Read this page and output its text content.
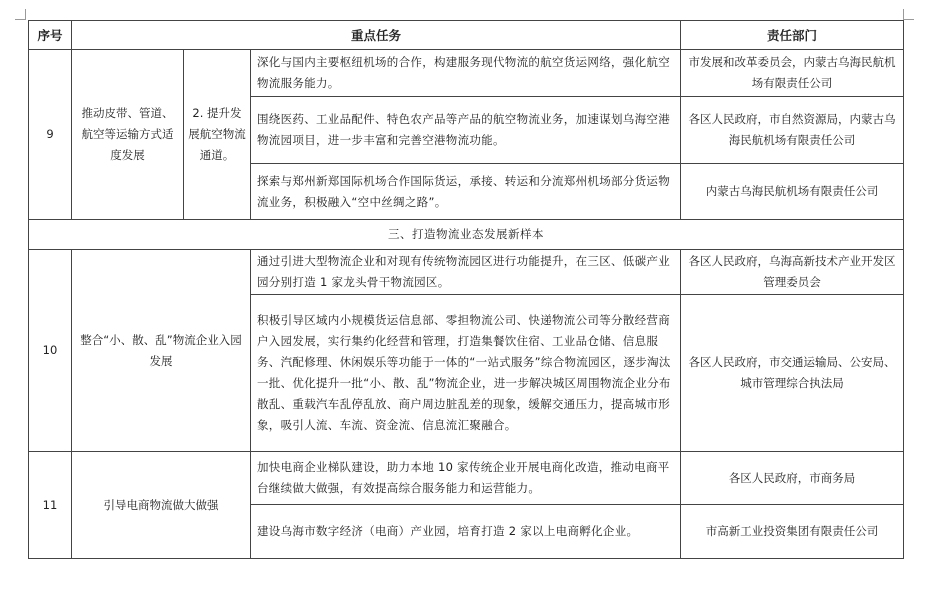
序号	重点任务			责任部门
9	推动皮带、管道、航空等运输方式适度发展	2. 提升发展航空物流通道。	深化与国内主要枢纽机场的合作，构建服务现代物流的航空货运网络，强化航空物流服务能力。	市发展和改革委员会，内蒙古乌海民航机场有限责任公司
			围绕医药、工业品配件、特色农产品等产品的航空物流业务，加速谋划乌海空港物流园项目，进一步丰富和完善空港物流功能。	各区人民政府，市自然资源局，内蒙古乌海民航机场有限责任公司
			探索与郑州新郑国际机场合作国际货运，承接、转运和分流郑州机场部分货运物流业务，积极融入“空中丝绸之路”。	内蒙古乌海民航机场有限责任公司
三、打造物流业态发展新样本				
10	整合“小、散、乱”物流企业入园发展		通过引进大型物流企业和对现有传统物流园区进行功能提升，在三区、低碳产业园分别打造 1 家龙头骨干物流园区。	各区人民政府，乌海高新技术产业开发区管理委员会
			积极引导区域内小规模货运信息部、零担物流公司、快递物流公司等分散经营商户入园发展，实行集约化经营和管理，打造集餐饮住宿、工业品仓储、信息服务、汽配修理、休闲娱乐等功能于一体的“一站式服务”综合物流园区，逐步淘汰一批、优化提升一批“小、散、乱”物流企业，进一步解决城区周围物流企业分布散乱、重载汽车乱停乱放、商户周边脏乱差的现象，缓解交通压力，提高城市形象，吸引人流、车流、资金流、信息流汇聚融合。	各区人民政府，市交通运输局、公安局、城市管理综合执法局
11	引导电商物流做大做强		加快电商企业梯队建设，助力本地 10 家传统企业开展电商化改造，推动电商平台继续做大做强，有效提高综合服务能力和运营能力。	各区人民政府，市商务局
			建设乌海市数字经济（电商）产业园，培育打造 2 家以上电商孵化企业。	市高新工业投资集团有限责任公司
